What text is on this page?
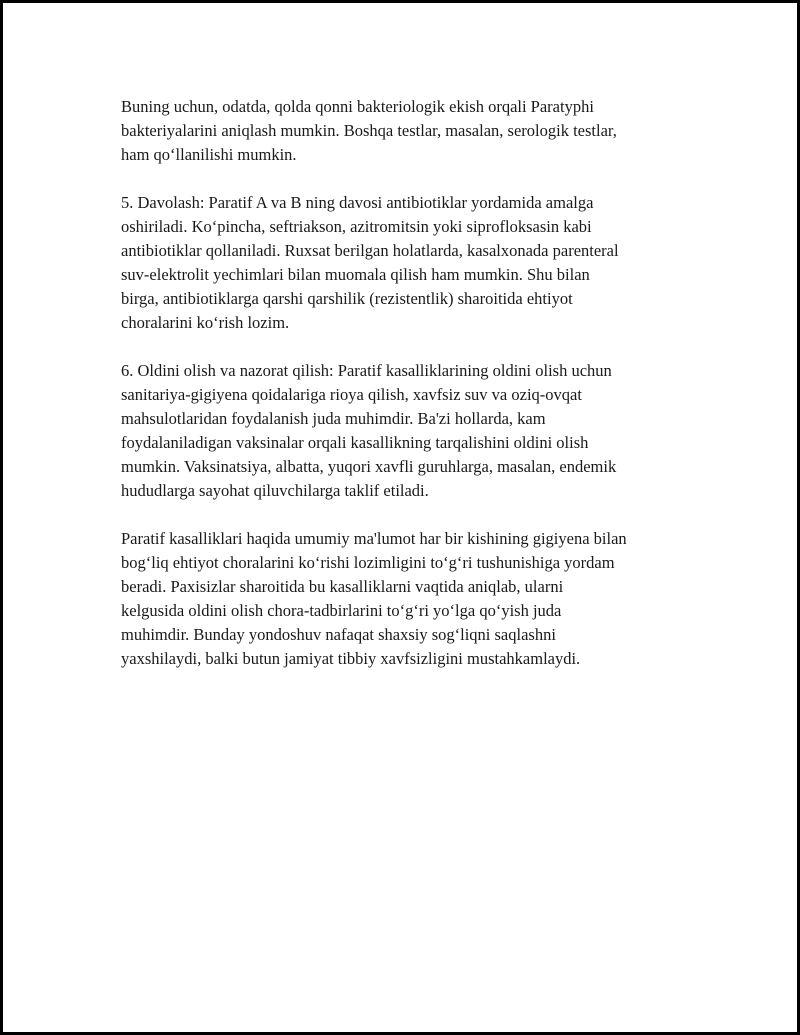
Buning uchun, odatda, qolda qonni bakteriologik ekish orqali Paratyphi
bakteriyalarini aniqlash mumkin. Boshqa testlar, masalan, serologik testlar,
ham qo‘llanilishi mumkin.

5. Davolash: Paratif A va B ning davosi antibiotiklar yordamida amalga
oshiriladi. Ko‘pincha, seftriakson, azitromitsin yoki siprofloksasin kabi
antibiotiklar qollaniladi. Ruxsat berilgan holatlarda, kasalxonada parenteral
suv-elektrolit yechimlari bilan muomala qilish ham mumkin. Shu bilan
birga, antibiotiklarga qarshi qarshilik (rezistentlik) sharoitida ehtiyot
choralarini ko‘rish lozim.

6. Oldini olish va nazorat qilish: Paratif kasalliklarining oldini olish uchun
sanitariya-gigiyena qoidalariga rioya qilish, xavfsiz suv va oziq-ovqat
mahsulotlaridan foydalanish juda muhimdir. Ba'zi hollarda, kam
foydalaniladigan vaksinalar orqali kasallikning tarqalishini oldini olish
mumkin. Vaksinatsiya, albatta, yuqori xavfli guruhlarga, masalan, endemik
hududlarga sayohat qiluvchilarga taklif etiladi.

Paratif kasalliklari haqida umumiy ma'lumot har bir kishining gigiyena bilan
bog‘liq ehtiyot choralarini ko‘rishi lozimligini to‘g‘ri tushunishiga yordam
beradi. Paxisizlar sharoitida bu kasalliklarni vaqtida aniqlab, ularni
kelgusida oldini olish chora-tadbirlarini to‘g‘ri yo‘lga qo‘yish juda
muhimdir. Bunday yondoshuv nafaqat shaxsiy sog‘liqni saqlashni
yaxshilaydi, balki butun jamiyat tibbiy xavfsizligini mustahkamlaydi.
